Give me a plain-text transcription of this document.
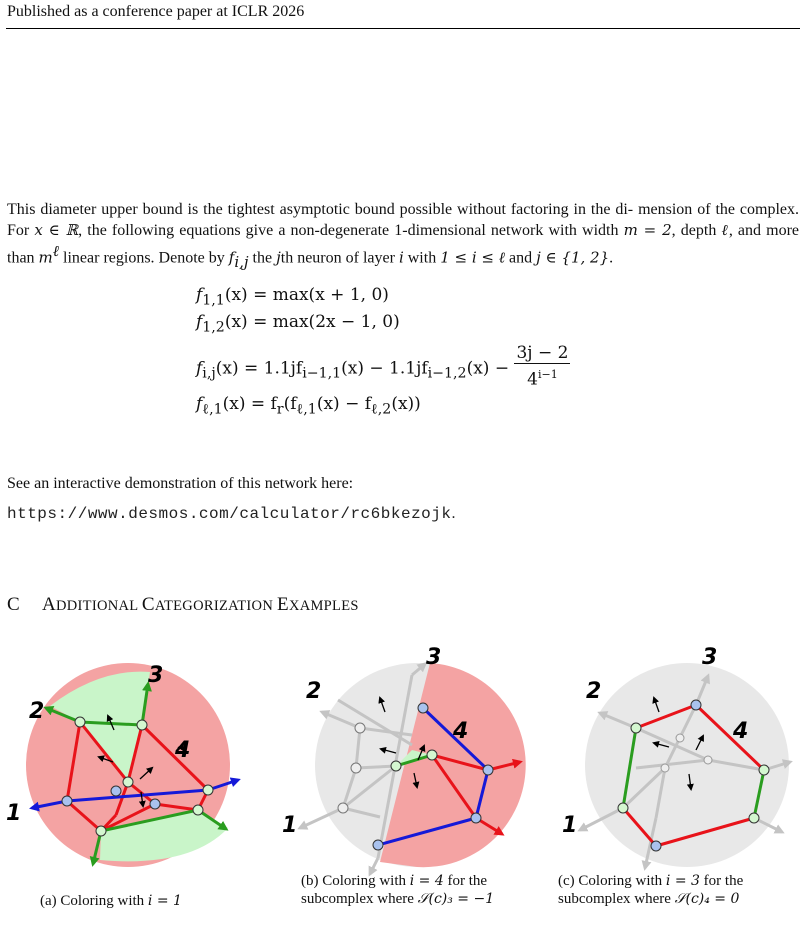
Published as a conference paper at ICLR 2026
This diameter upper bound is the tightest asymptotic bound possible without factoring in the di- mension of the complex. For x ∈ ℝ, the following equations give a non-degenerate 1-dimensional network with width m = 2, depth ℓ, and more than $m^\ell$ linear regions. Denote by $f_{i,j}$ the jth neuron of layer i with 1 ≤ i ≤ ℓ and j ∈ {1, 2}.
$f_{1,1}(x) = \max(x + 1$, 0)
$f_{1,2}(x) = \max(2x - 1$, 0)
$f_{i,j}(x) = 1.1jf_{i-1,1}(x) - 1.1jf_{i-1,2}(x) - \frac{3j - 2}{4^{i-1}}$
$f_{\ell,1}(x) = f_r(f_{\ell,1}(x) - f_{\ell,2}(x))$
See an interactive demonstration of this network here:
https://www.desmos.com/calculator/rc6bkezojk.
C ADDITIONAL CATEGORIZATION EXAMPLES
1
2
3
4
1
2
3
4
1
2
3
4
(a) Coloring with i = 1
(b) Coloring with i = 4 for the
subcomplex where 𝒮(c)₃ = −1
(c) Coloring with i = 3 for the
subcomplex where 𝒮(c)₄ = 0
